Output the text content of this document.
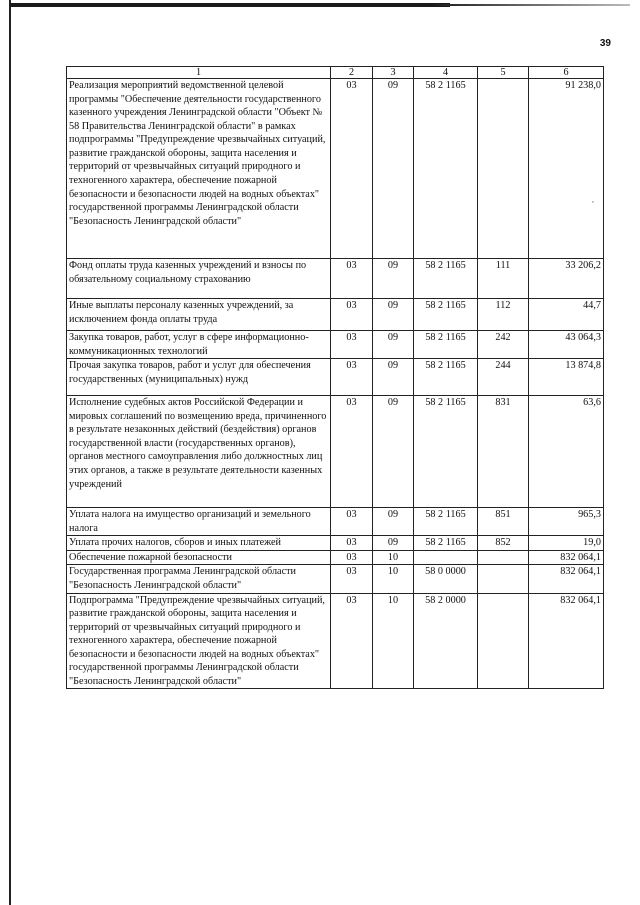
39
,
1	2	3	4	5	6
Реализация мероприятий ведомственной целевой программы "Обеспечение деятельности государственного казенного учреждения Ленинградской области "Объект № 58 Правительства Ленинградской области" в рамках подпрограммы "Предупреждение чрезвычайных ситуаций, развитие гражданской обороны, защита населения и территорий от чрезвычайных ситуаций природного и техногенного характера, обеспечение пожарной безопасности и безопасности людей на водных объектах" государственной программы Ленинградской области "Безопасность Ленинградской области"	03	09	58 2 1165		91 238,0
Фонд оплаты труда казенных учреждений и взносы по обязательному социальному страхованию	03	09	58 2 1165	111	33 206,2
Иные выплаты персоналу казенных учреждений, за исключением фонда оплаты труда	03	09	58 2 1165	112	44,7
Закупка товаров, работ, услуг в сфере информационно-коммуникационных технологий	03	09	58 2 1165	242	43 064,3
Прочая закупка товаров, работ и услуг для обеспечения государственных (муниципальных) нужд	03	09	58 2 1165	244	13 874,8
Исполнение судебных актов Российской Федерации и мировых соглашений по возмещению вреда, причиненного в результате незаконных действий (бездействия) органов государственной власти (государственных органов), органов местного самоуправления либо должностных лиц этих органов, а также в результате деятельности казенных учреждений	03	09	58 2 1165	831	63,6
Уплата налога на имущество организаций и земельного налога	03	09	58 2 1165	851	965,3
Уплата прочих налогов, сборов и иных платежей	03	09	58 2 1165	852	19,0
Обеспечение пожарной безопасности	03	10			832 064,1
Государственная программа Ленинградской области "Безопасность Ленинградской области"	03	10	58 0 0000		832 064,1
Подпрограмма "Предупреждение чрезвычайных ситуаций, развитие гражданской обороны, защита населения и территорий от чрезвычайных ситуаций природного и техногенного характера, обеспечение пожарной безопасности и безопасности людей на водных объектах" государственной программы Ленинградской области "Безопасность Ленинградской области"	03	10	58 2 0000		832 064,1
